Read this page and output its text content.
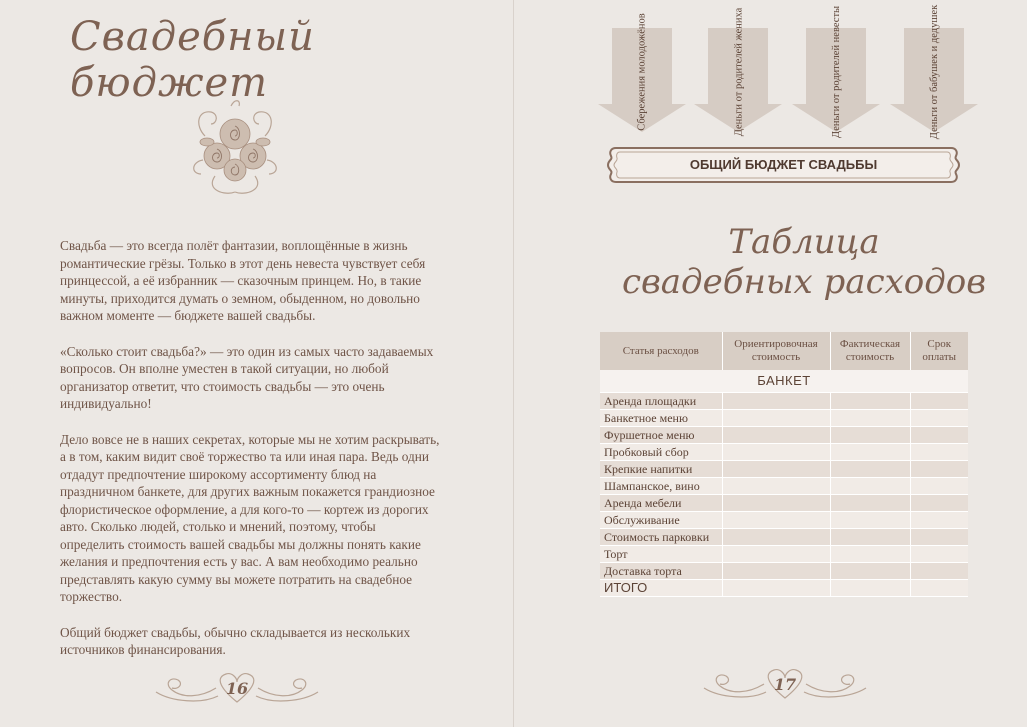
Свадебный бюджет

Свадьба — это всегда полёт фантазии, воплощённые в жизнь романтические грёзы. Только в этот день невеста чувствует себя принцессой, а её избранник — сказочным принцем. Но, в такие минуты, приходится думать о земном, обыденном, но довольно важном моменте — бюджете вашей свадьбы.

«Сколько стоит свадьба?» — это один из самых часто задаваемых вопросов. Он вполне уместен в такой ситуации, но любой организатор ответит, что стоимость свадьбы — это очень индивидуально!

Дело вовсе не в наших секретах, которые мы не хотим раскрывать, а в том, каким видит своё торжество та или иная пара. Ведь одни отдадут предпочтение широкому ассортименту блюд на праздничном банкете, для других важным покажется грандиозное флористическое оформление, а для кого-то — кортеж из дорогих авто. Сколько людей, столько и мнений, поэтому, чтобы определить стоимость вашей свадьбы мы должны понять какие желания и предпочтения есть у вас. А вам необходимо реально представлять какую сумму вы можете потратить на свадебное торжество.

Общий бюджет свадьбы, обычно складывается из нескольких источников финансирования.

16
Сбережения молодожёнов	Деньги от родителей жениха	Деньги от родителей невесты	Деньги от бабушек и дедушек
ОБЩИЙ БЮДЖЕТ СВАДЬБЫ
Таблица
свадебных расходов
Статья расходов	Ориентировочная стоимость	Фактическая стоимость	Срок оплаты
БАНКЕТ			
Аренда площадки			
Банкетное меню			
Фуршетное меню			
Пробковый сбор			
Крепкие напитки			
Шампанское, вино			
Аренда мебели			
Обслуживание			
Стоимость парковки			
Торт			
Доставка торта			
ИТОГО			
17
